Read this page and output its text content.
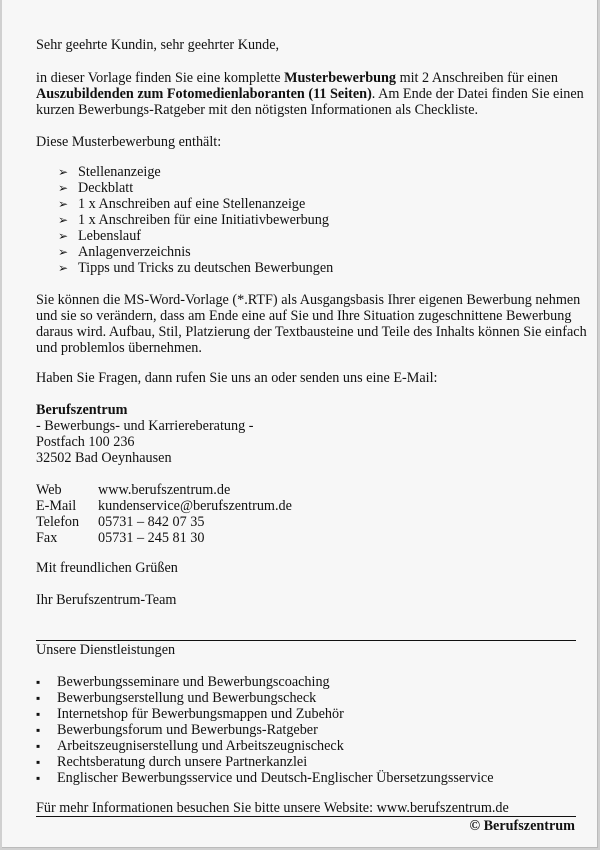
Sehr geehrte Kundin, sehr geehrter Kunde,
in dieser Vorlage finden Sie eine komplette Musterbewerbung mit 2 Anschreiben für einen
Auszubildenden zum Fotomedienlaboranten (11 Seiten). Am Ende der Datei finden Sie einen
kurzen Bewerbungs-Ratgeber mit den nötigsten Informationen als Checkliste.
Diese Musterbewerbung enthält:
➢ Stellenanzeige
➢ Deckblatt
➢ 1 x Anschreiben auf eine Stellenanzeige
➢ 1 x Anschreiben für eine Initiativbewerbung
➢ Lebenslauf
➢ Anlagenverzeichnis
➢ Tipps und Tricks zu deutschen Bewerbungen
Sie können die MS-Word-Vorlage (*.RTF) als Ausgangsbasis Ihrer eigenen Bewerbung nehmen
und sie so verändern, dass am Ende eine auf Sie und Ihre Situation zugeschnittene Bewerbung
daraus wird. Aufbau, Stil, Platzierung der Textbausteine und Teile des Inhalts können Sie einfach
und problemlos übernehmen.
Haben Sie Fragen, dann rufen Sie uns an oder senden uns eine E-Mail:
Berufszentrum
- Bewerbungs- und Karriereberatung -
Postfach 100 236
32502 Bad Oeynhausen
Web	www.berufszentrum.de
E-Mail kundenservice@berufszentrum.de
Telefon 05731 – 842 07 35
Fax	05731 – 245 81 30
Mit freundlichen Grüßen
Ihr Berufszentrum-Team
Unsere Dienstleistungen
▪ Bewerbungsseminare und Bewerbungscoaching
▪ Bewerbungserstellung und Bewerbungscheck
▪ Internetshop für Bewerbungsmappen und Zubehör
▪ Bewerbungsforum und Bewerbungs-Ratgeber
▪ Arbeitszeugniserstellung und Arbeitszeugnischeck
▪ Rechtsberatung durch unsere Partnerkanzlei
▪ Englischer Bewerbungsservice und Deutsch-Englischer Übersetzungsservice
Für mehr Informationen besuchen Sie bitte unsere Website: www.berufszentrum.de
© Berufszentrum
